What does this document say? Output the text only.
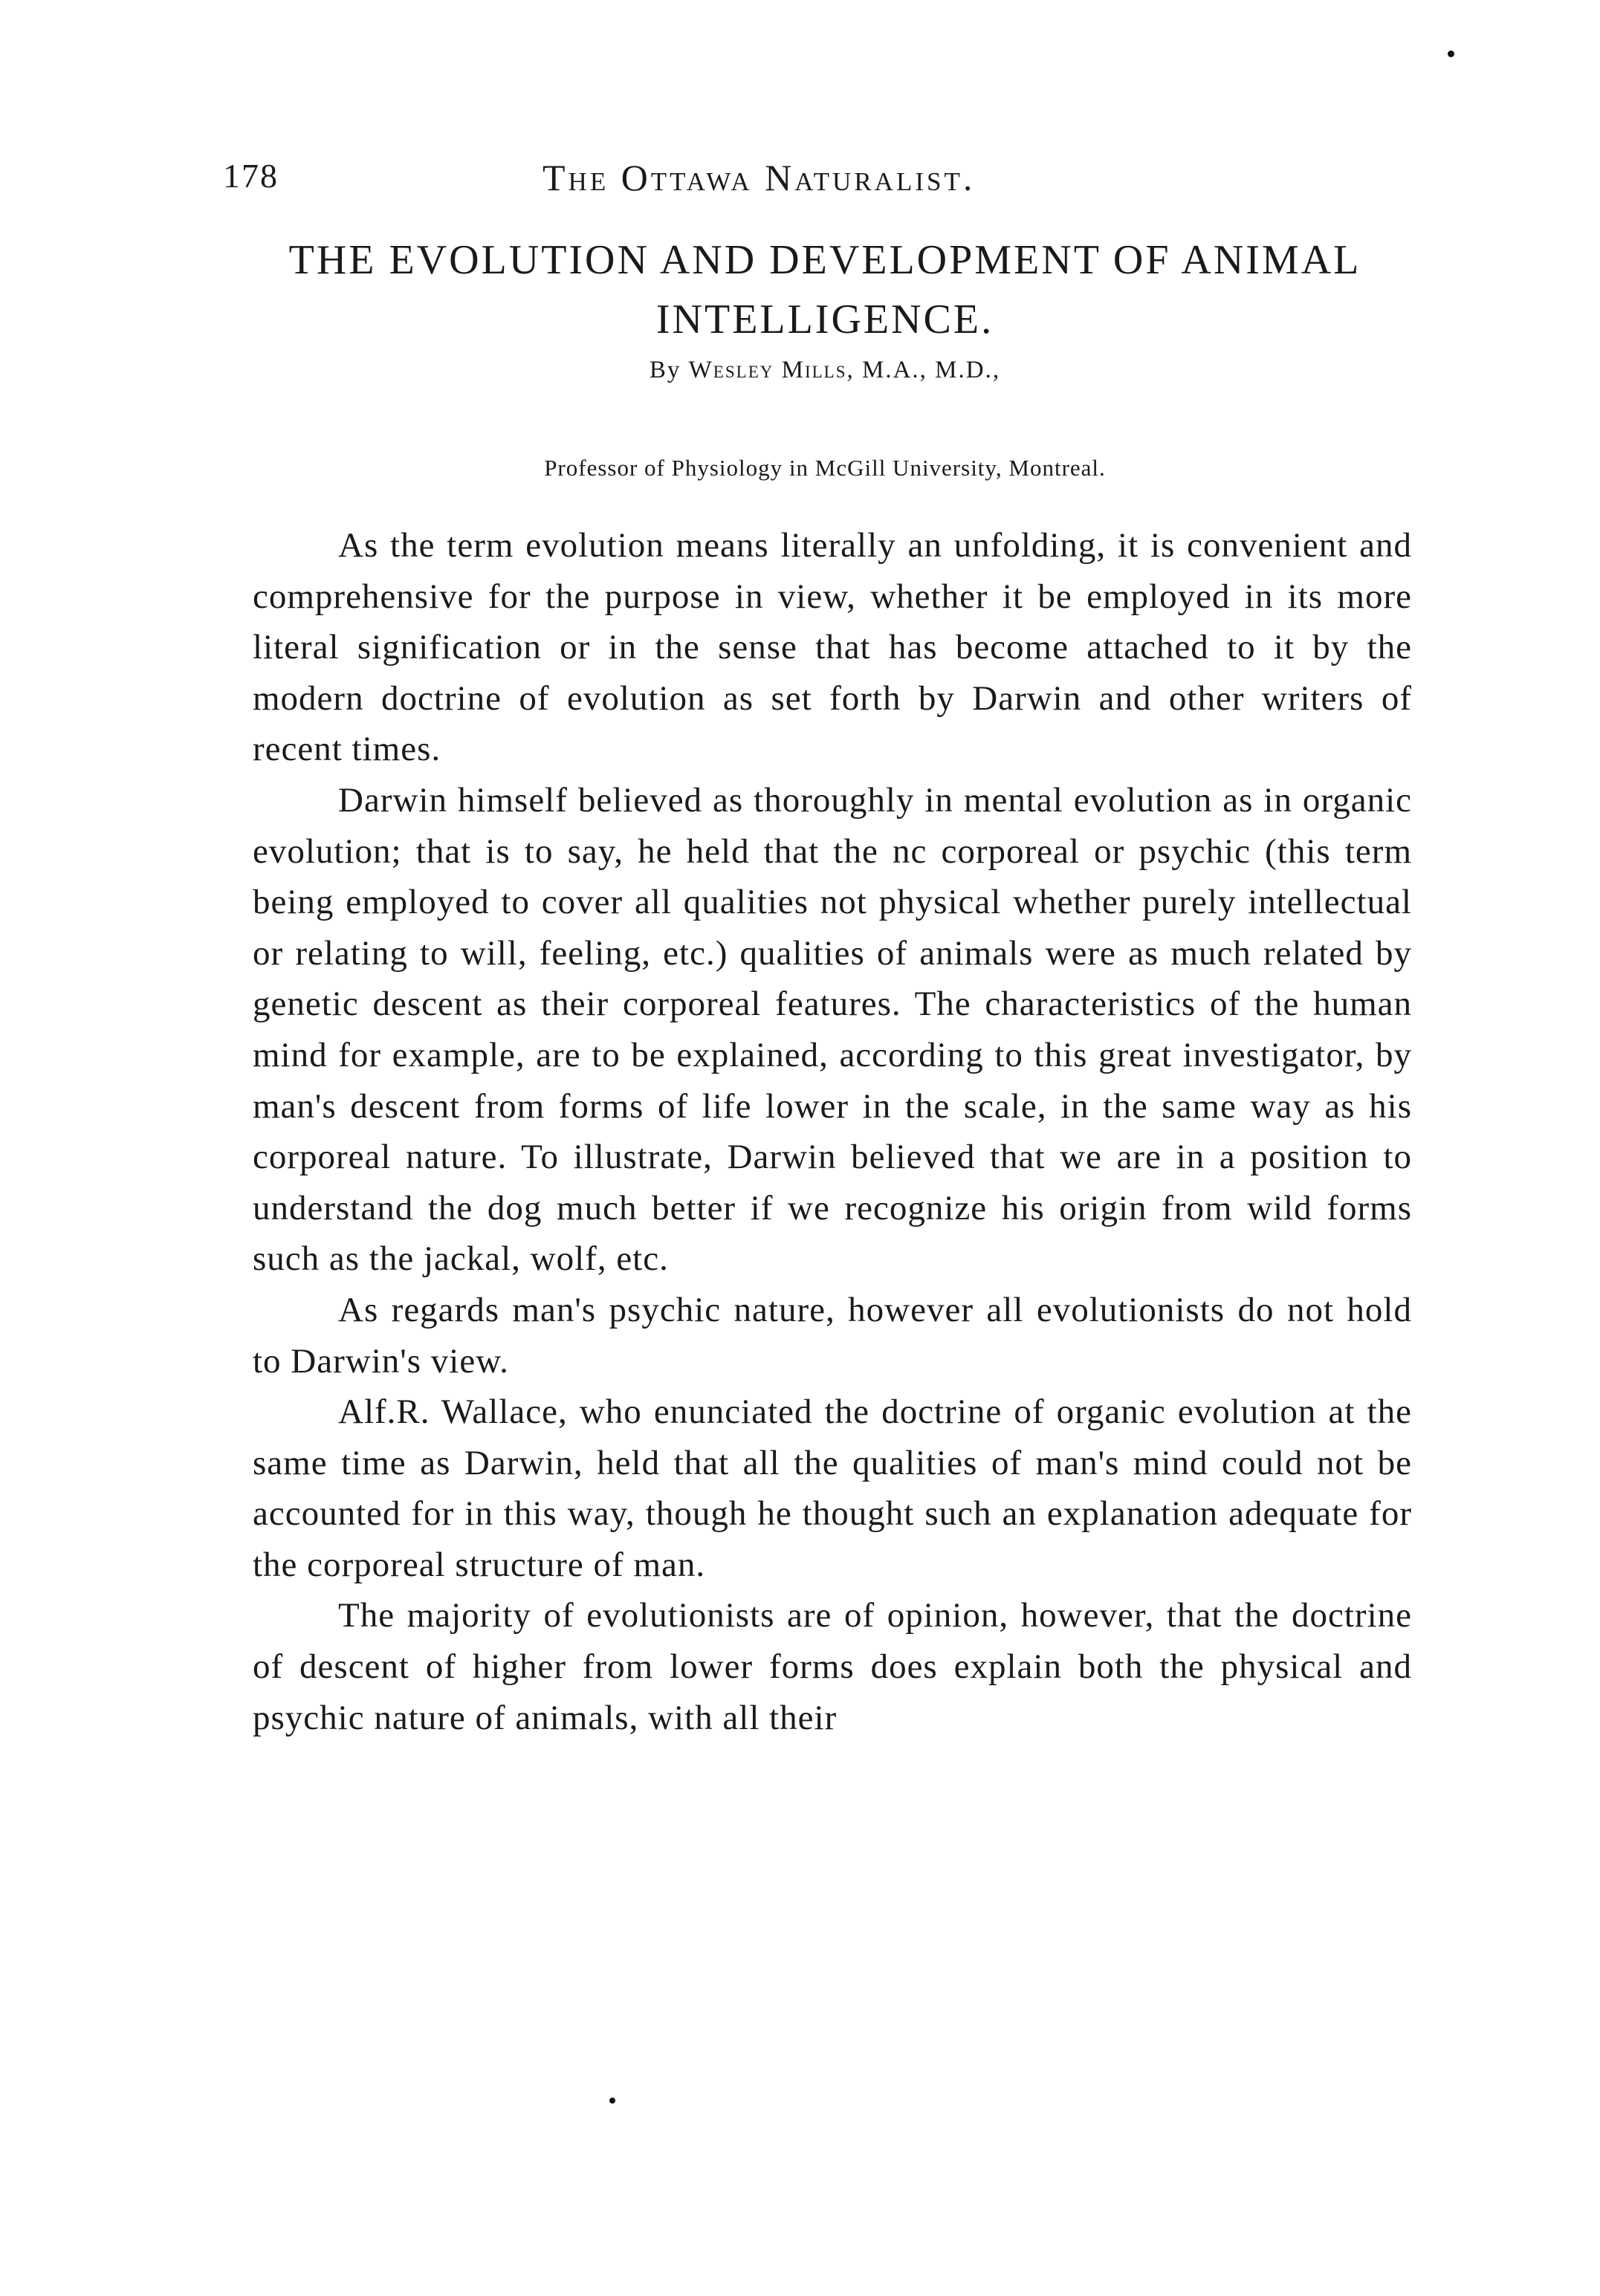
178	The Ottawa Naturalist.
THE EVOLUTION AND DEVELOPMENT OF ANIMAL INTELLIGENCE.
By Wesley Mills, M.A., M.D.,
Professor of Physiology in McGill University, Montreal.

As the term evolution means literally an unfolding, it is convenient and comprehensive for the purpose in view, whether it be employed in its more literal signification or in the sense that has become attached to it by the modern doctrine of evolution as set forth by Darwin and other writers of recent times.

Darwin himself believed as thoroughly in mental evolution as in organic evolution; that is to say, he held that the nc corporeal or psychic (this term being employed to cover all qualities not physical whether purely intellectual or relating to will, feeling, etc.) qualities of animals were as much related by genetic descent as their corporeal features. The characteristics of the human mind for example, are to be explained, according to this great investigator, by man's descent from forms of life lower in the scale, in the same way as his corporeal nature. To illustrate, Darwin believed that we are in a position to understand the dog much better if we recognize his origin from wild forms such as the jackal, wolf, etc.

As regards man's psychic nature, however all evolutionists do not hold to Darwin's view.

Alf.R. Wallace, who enunciated the doctrine of organic evolution at the same time as Darwin, held that all the qualities of man's mind could not be accounted for in this way, though he thought such an explanation adequate for the corporeal structure of man.

The majority of evolutionists are of opinion, however, that the doctrine of descent of higher from lower forms does explain both the physical and psychic nature of animals, with all their
